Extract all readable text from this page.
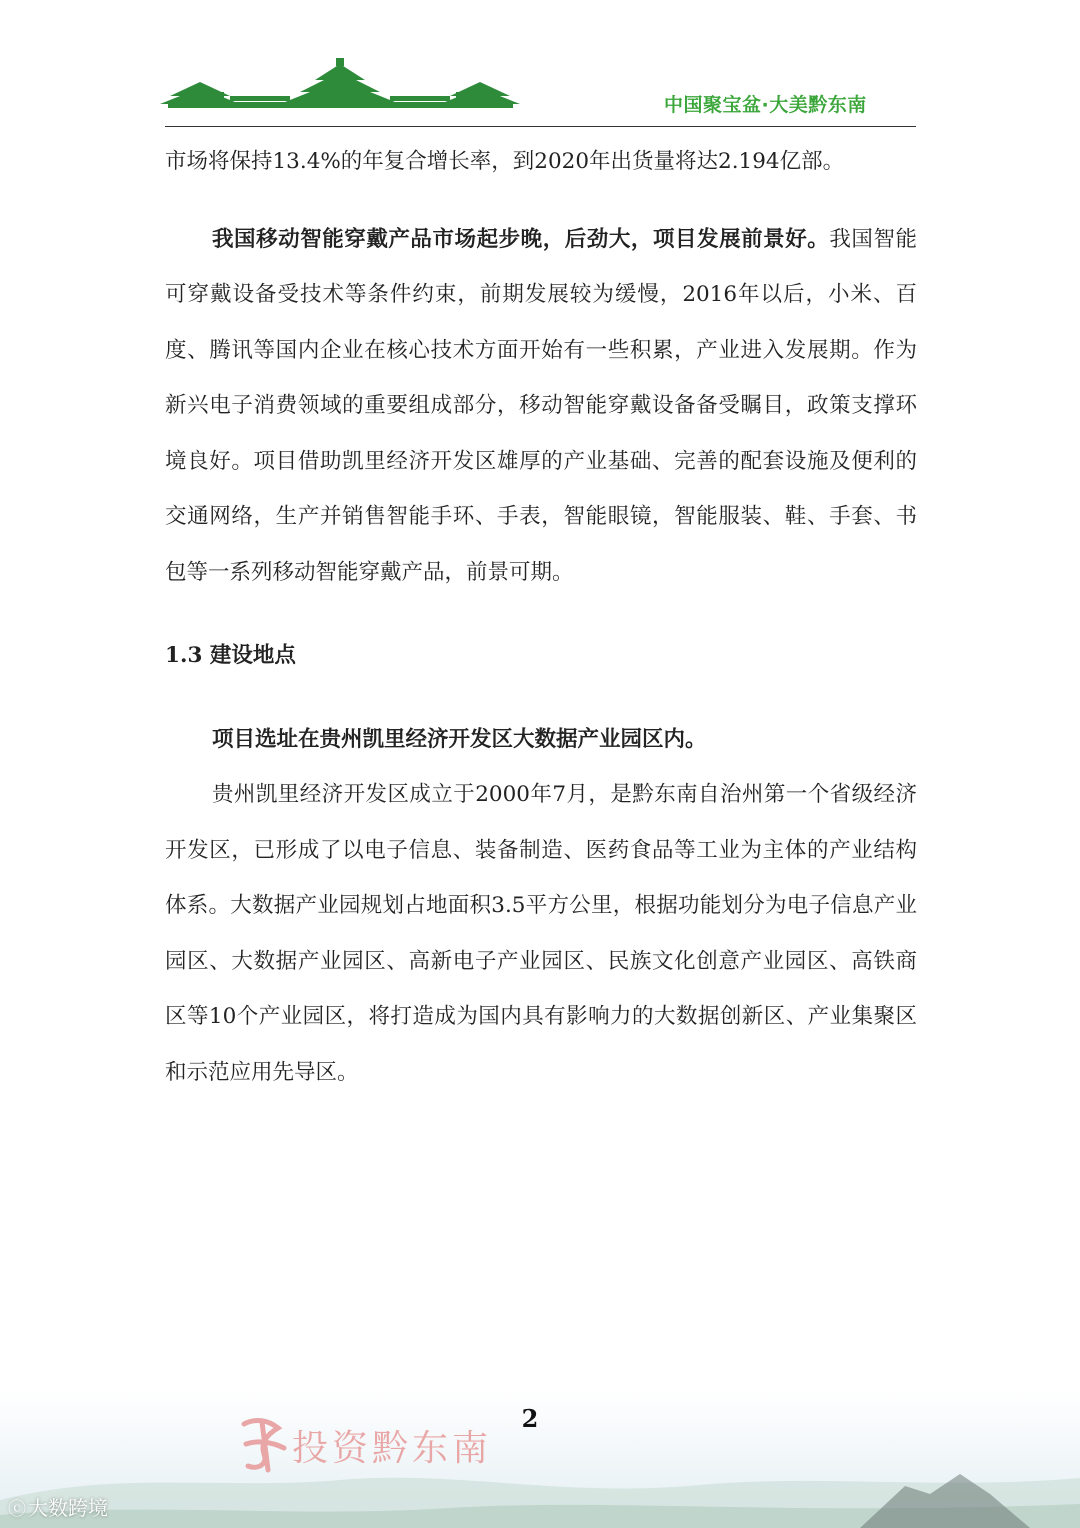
中国聚宝盆·大美黔东南

市场将保持13.4%的年复合增长率，到2020年出货量将达2.194亿部。

我国移动智能穿戴产品市场起步晚，后劲大，项目发展前景好。我国智能可穿戴设备受技术等条件约束，前期发展较为缓慢，2016年以后，小米、百度、腾讯等国内企业在核心技术方面开始有一些积累，产业进入发展期。作为新兴电子消费领域的重要组成部分，移动智能穿戴设备备受瞩目，政策支撑环境良好。项目借助凯里经济开发区雄厚的产业基础、完善的配套设施及便利的交通网络，生产并销售智能手环、手表，智能眼镜，智能服装、鞋、手套、书包等一系列移动智能穿戴产品，前景可期。

1.3 建设地点

项目选址在贵州凯里经济开发区大数据产业园区内。

贵州凯里经济开发区成立于2000年7月，是黔东南自治州第一个省级经济开发区，已形成了以电子信息、装备制造、医药食品等工业为主体的产业结构体系。大数据产业园规划占地面积3.5平方公里，根据功能划分为电子信息产业园区、大数据产业园区、高新电子产业园区、民族文化创意产业园区、高铁商区等10个产业园区，将打造成为国内具有影响力的大数据创新区、产业集聚区和示范应用先导区。

投资黔东南
2
ⓒ 大数跨境
